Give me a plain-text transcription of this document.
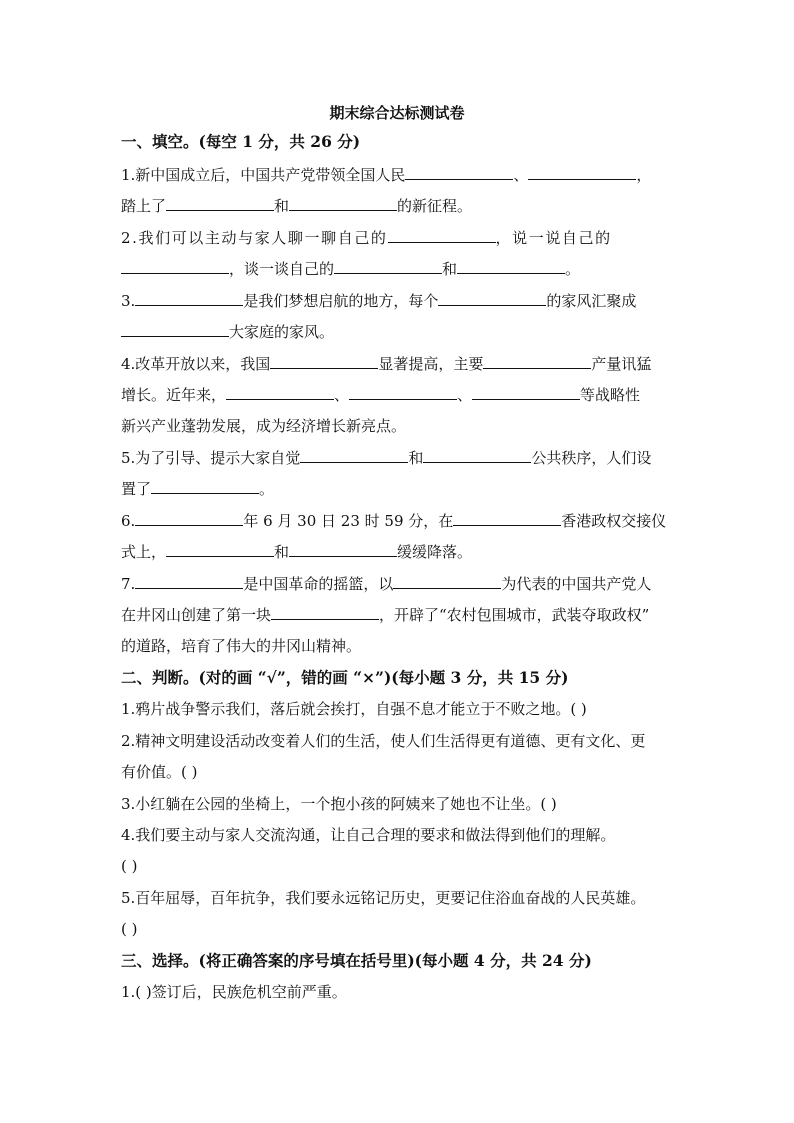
期末综合达标测试卷
一、填空。(每空 1 分，共 26 分)
1.新中国成立后，中国共产党带领全国人民	、	，
踏上了	和	的新征程。
2.我们可以主动与家人聊一聊自己的	，说一说自己的
，谈一谈自己的	和	。
3.	是我们梦想启航的地方，每个	的家风汇聚成
大家庭的家风。
4.改革开放以来，我国	显著提高，主要	产量讯猛
增长。近年来，	、	、	等战略性
新兴产业蓬勃发展，成为经济增长新亮点。
5.为了引导、提示大家自觉	和	公共秩序，人们设
置了	。
6.	年 6 月 30 日 23 时 59 分，在	香港政权交接仪
式上，	和	缓缓降落。
7.	是中国革命的摇篮，以	为代表的中国共产党人
在井冈山创建了第一块	，开辟了“农村包围城市，武装夺取政权”
的道路，培育了伟大的井冈山精神。
二、判断。(对的画 “√”，错的画 “×”)(每小题 3 分，共 15 分)
1.鸦片战争警示我们，落后就会挨打，自强不息才能立于不败之地。( )
2.精神文明建设活动改变着人们的生活，使人们生活得更有道德、更有文化、更
有价值。( )
3.小红躺在公园的坐椅上，一个抱小孩的阿姨来了她也不让坐。( )
4.我们要主动与家人交流沟通，让自己合理的要求和做法得到他们的理解。
( )
5.百年屈辱，百年抗争，我们要永远铭记历史，更要记住浴血奋战的人民英雄。
( )
三、选择。(将正确答案的序号填在括号里)(每小题 4 分，共 24 分)
1.( )签订后，民族危机空前严重。
